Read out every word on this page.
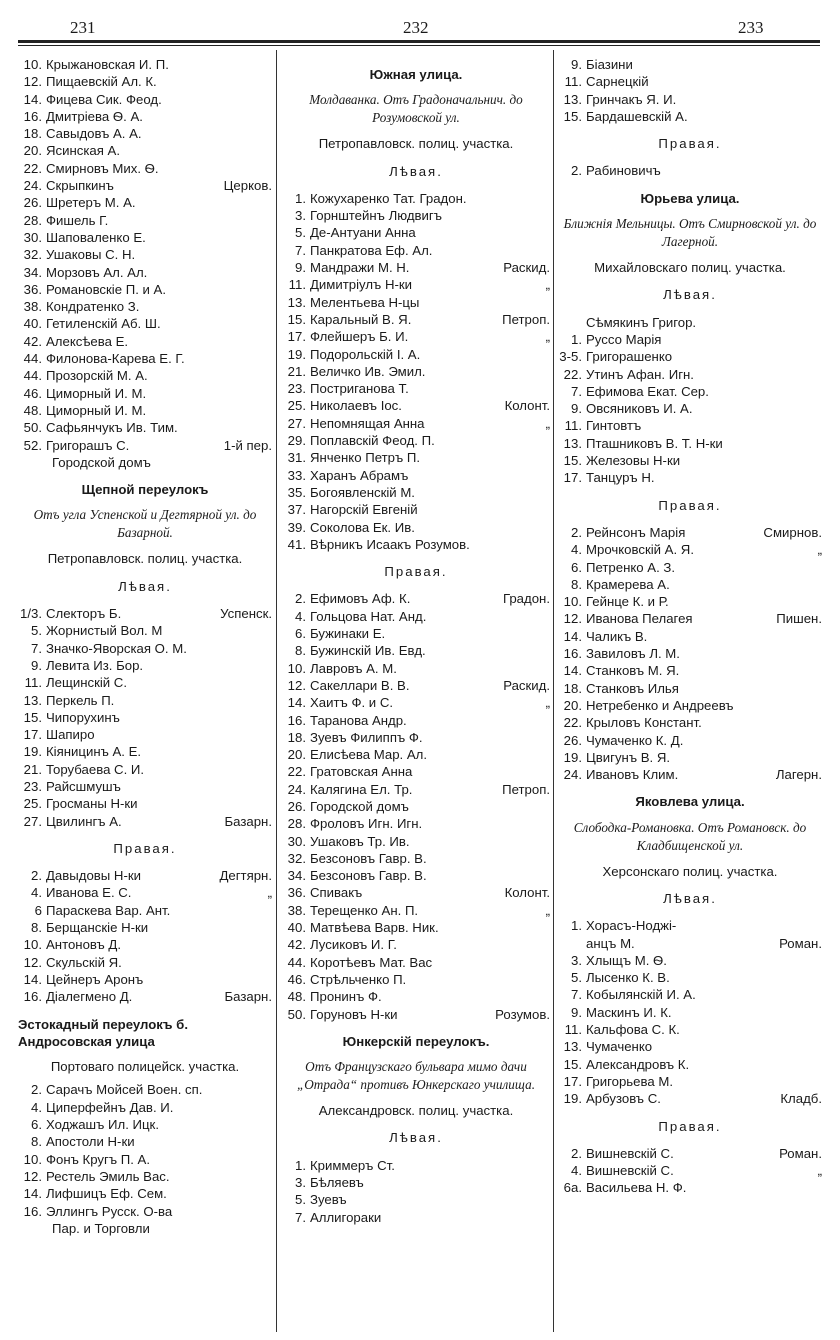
231	232	233
10. Крыжановская И. П.
12. Пищаевскій Ал. К.
14. Фицева Сик. Феод.
16. Дмитріева Ѳ. А.
18. Савыдовъ А. А.
20. Ясинская А.
22. Смирновъ Мих. Ѳ.
24. Скрыпкинъ	Церков.
26. Шретеръ М. А.
28. Фишель Г.
30. Шаповаленко Е.
32. Ушаковы С. Н.
34. Морзовъ Ал. Ал.
36. Романовскіе П. и А.
38. Кондратенко З.
40. Гетиленскій Аб. Ш.
42. Алексѣева Е.
44. Филонова-Карева Е. Г.
44. Прозорскій М. А.
46. Циморный И. М.
48. Циморный И. М.
50. Сафьянчукъ Ив. Тим.
52. Григорашъ С.	1-й пер.
Городской домъ
Щепной переулокъ
Отъ угла Успенской и Дегтярной ул. до Базарной.
Петропавловск. полиц. участка.
Лѣвая.
1/3. Слекторъ Б.	Успенск.
5. Жорнистый Вол. М
7. Значко-Яворская О. М.
9. Левита Из. Бор.
11. Лещинскій С.
13. Перкель П.
15. Чипорухинъ
17. Шапиро
19. Кіяницинъ А. Е.
21. Торубаева С. И.
23. Райсшмушъ
25. Гросманы Н-ки
27. Цвилингъ А.	Базарн.
Правая.
2. Давыдовы Н-ки	Дегтярн.
4. Иванова Е. С.	„
6 Параскева Вар. Ант.
8. Берщанскіе Н-ки
10. Антоновъ Д.
12. Скульскій Я.
14. Цейнеръ Аронъ
16. Діалегмено Д.	Базарн.
Эстокадный переулокъ б. Андросовская улица
Портоваго полицейск. участка.
2. Сарачъ Мойсей Воен. сп.
4. Циперфейнъ Дав. И.
6. Ходжашъ Ил. Ицк.
8. Апостоли Н-ки
10. Фонъ Кругъ П. А.
12. Рестель Эмиль Вас.
14. Лифшицъ Еф. Сем.
16. Эллингъ Русск. О-ва
Пар. и Торговли
Южная улица.
Молдаванка. Отъ Градоначальнич. до Розумовской ул.
Петропавловск. полиц. участка.
Лѣвая.
1. Кожухаренко Тат. Градон.
3. Горнштейнъ Людвигъ
5. Де-Антуани Анна
7. Панкратова Еф. Ал.
9. Мандражи М. Н.	Раскид.
11. Димитріулъ Н-ки	„
13. Мелентьева Н-цы
15. Каральный В. Я.	Петроп.
17. Флейшеръ Б. И.	„
19. Подорольскій І. А.
21. Величко Ив. Эмил.
23. Постриганова Т.
25. Николаевъ Іос.	Колонт.
27. Непомнящая Анна	„
29. Поплавскій Феод. П.
31. Янченко Петръ П.
33. Харанъ Абрамъ
35. Богоявленскій М.
37. Нагорскій Евгеній
39. Соколова Ек. Ив.
41. Вѣрникъ Исаакъ Розумов.
Правая.
2. Ефимовъ Аф. К.	Градон.
4. Гольцова Нат. Анд.
6. Бужинаки Е.
8. Бужинскій Ив. Евд.
10. Лавровъ А. М.
12. Сакеллари В. В.	Раскид.
14. Хаитъ Ф. и С.	„
16. Таранова Андр.
18. Зуевъ Филиппъ Ф.
20. Елисѣева Мар. Ал.
22. Гратовская Анна
24. Калягина Ел. Тр.	Петроп.
26. Городской домъ
28. Фроловъ Игн. Игн.
30. Ушаковъ Тр. Ив.
32. Безсоновъ Гавр. В.
34. Безсоновъ Гавр. В.
36. Спивакъ	Колонт.
38. Терещенко Ан. П.	„
40. Матвѣева Варв. Ник.
42. Лусиковъ И. Г.
44. Коротѣевъ Мат. Вас
46. Стрѣльченко П.
48. Пронинъ Ф.
50. Горуновъ Н-ки	Розумов.
Юнкерскій переулокъ.
Отъ Французскаго бульвара мимо дачи „Отрада“ противъ Юнкерскаго училища.
Александровск. полиц. участка.
Лѣвая.
1. Криммеръ Ст.
3. Бѣляевъ
5. Зуевъ
7. Аллигораки
9. Біазини
11. Сарнецкій
13. Гринчакъ Я. И.
15. Бардашевскій А.
Правая.
2. Рабиновичъ
Юрьева улица.
Ближнія Мельницы. Отъ Смирновской ул. до Лагерной.
Михайловскаго полиц. участка.
Лѣвая.
Сѣмякинъ Григор.
1. Руссо Марія
3-5. Григорашенко
22. Утинъ Афан. Игн.
7. Ефимова Екат. Сер.
9. Овсяниковъ И. А.
11. Гинтовтъ
13. Пташниковъ В. Т. Н-ки
15. Железовы Н-ки
17. Танцуръ Н.
Правая.
2. Рейнсонъ Марія	Смирнов.
4. Мрочковскій А. Я.	„
6. Петренко А. З.
8. Крамерева А.
10. Гейнце К. и Р.
12. Иванова Пелагея	Пишен.
14. Чаликъ В.
16. Завиловъ Л. М.
14. Станковъ М. Я.
18. Станковъ Илья
20. Нетребенко и Андреевъ
22. Крыловъ Констант.
26. Чумаченко К. Д.
19. Цвигунъ В. Я.
24. Ивановъ Клим.	Лагерн.
Яковлева улица.
Слободка-Романовка. Отъ Романовск. до Кладбищенской ул.
Херсонскаго полиц. участка.
Лѣвая.
1. Хорасъ-Ноджі-
анцъ М.	Роман.
3. Хлыщъ М. Ѳ.
5. Лысенко К. В.
7. Кобылянскій И. А.
9. Маскинъ И. К.
11. Кальфова С. К.
13. Чумаченко
15. Александровъ К.
17. Григорьева М.
19. Арбузовъ С.	Кладб.
Правая.
2. Вишневскій С.	Роман.
4. Вишневскій С.	„
6a. Васильева Н. Ф.
